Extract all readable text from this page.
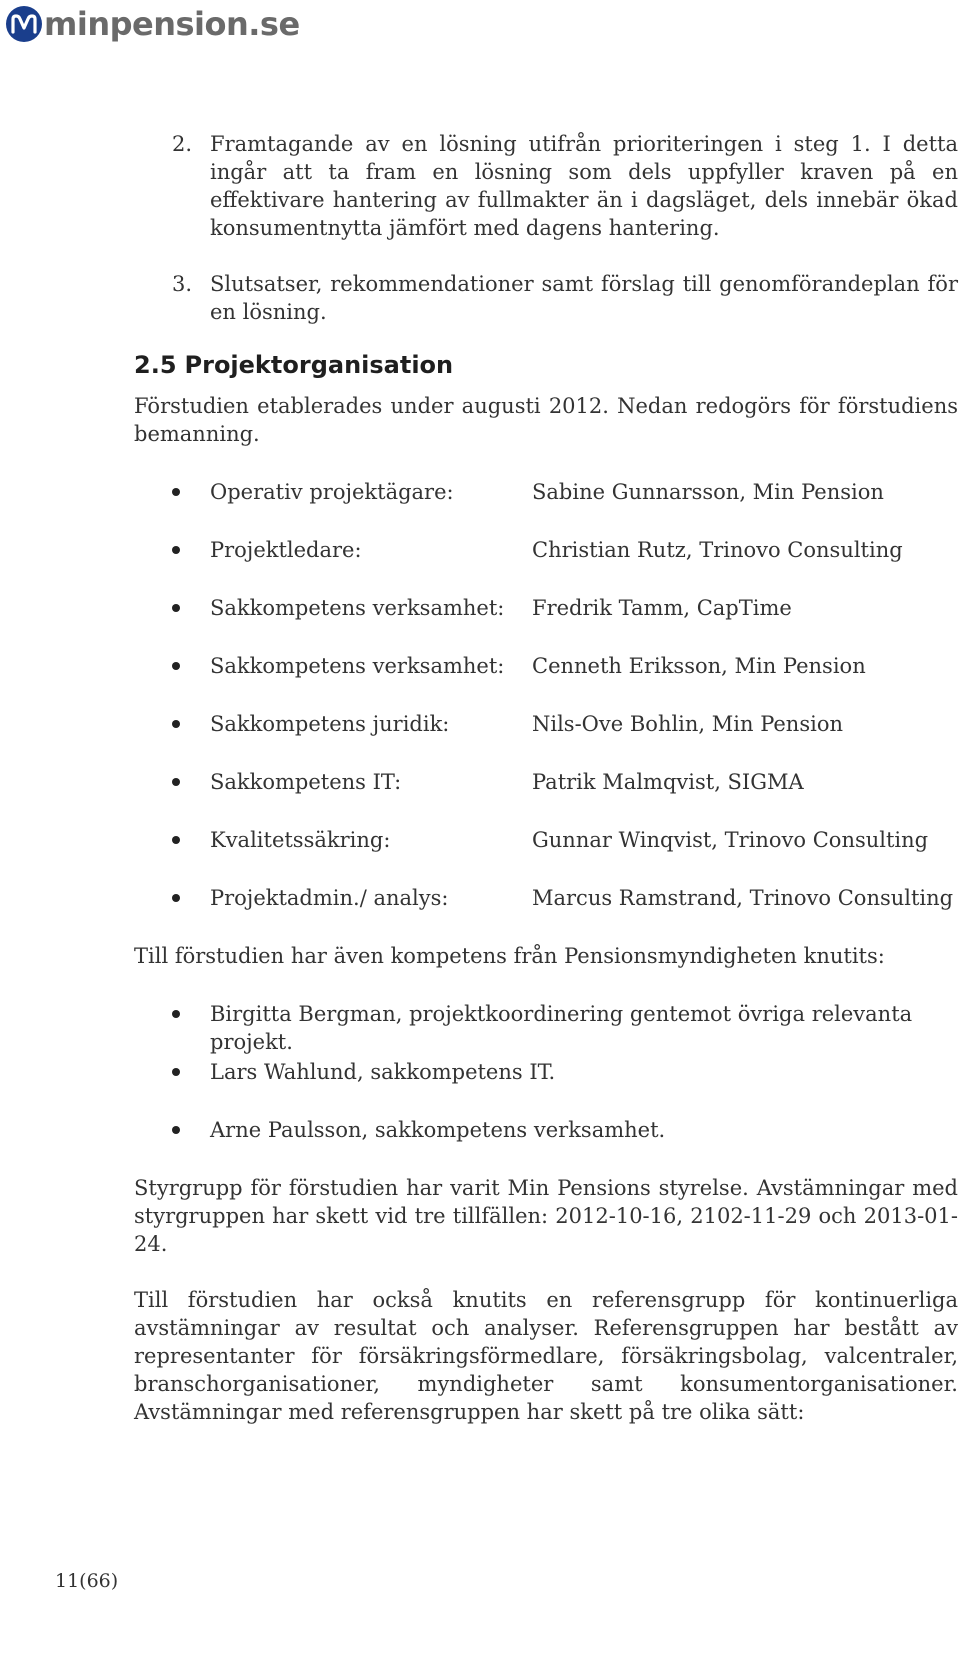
minpension.se
2. Framtagande av en lösning utifrån prioriteringen i steg 1. I detta ingår att ta fram en lösning som dels uppfyller kraven på en effektivare hantering av fullmakter än i dagsläget, dels innebär ökad konsumentnytta jämfört med dagens hantering.
3. Slutsatser, rekommendationer samt förslag till genomförandeplan för en lösning.
2.5 Projektorganisation

Förstudien etablerades under augusti 2012. Nedan redogörs för förstudiens bemanning.

Operativ projektägare:	Sabine Gunnarsson, Min Pension
Projektledare:	Christian Rutz, Trinovo Consulting
Sakkompetens verksamhet: Fredrik Tamm, CapTime
Sakkompetens verksamhet: Cenneth Eriksson, Min Pension
Sakkompetens juridik:	Nils-Ove Bohlin, Min Pension
Sakkompetens IT:	Patrik Malmqvist, SIGMA
Kvalitetssäkring:	Gunnar Winqvist, Trinovo Consulting
Projektadmin./ analys:	Marcus Ramstrand, Trinovo Consulting

Till förstudien har även kompetens från Pensionsmyndigheten knutits:

Birgitta Bergman, projektkoordinering gentemot övriga relevanta projekt.
Lars Wahlund, sakkompetens IT.
Arne Paulsson, sakkompetens verksamhet.

Styrgrupp för förstudien har varit Min Pensions styrelse. Avstämningar med styrgruppen har skett vid tre tillfällen: 2012-10-16, 2102-11-29 och 2013-01-24.

Till förstudien har också knutits en referensgrupp för kontinuerliga avstämningar av resultat och analyser. Referensgruppen har bestått av representanter för försäkringsförmedlare, försäkringsbolag, valcentraler, branschorganisationer, myndigheter samt konsumentorganisationer. Avstämningar med referensgruppen har skett på tre olika sätt:

11(66)
